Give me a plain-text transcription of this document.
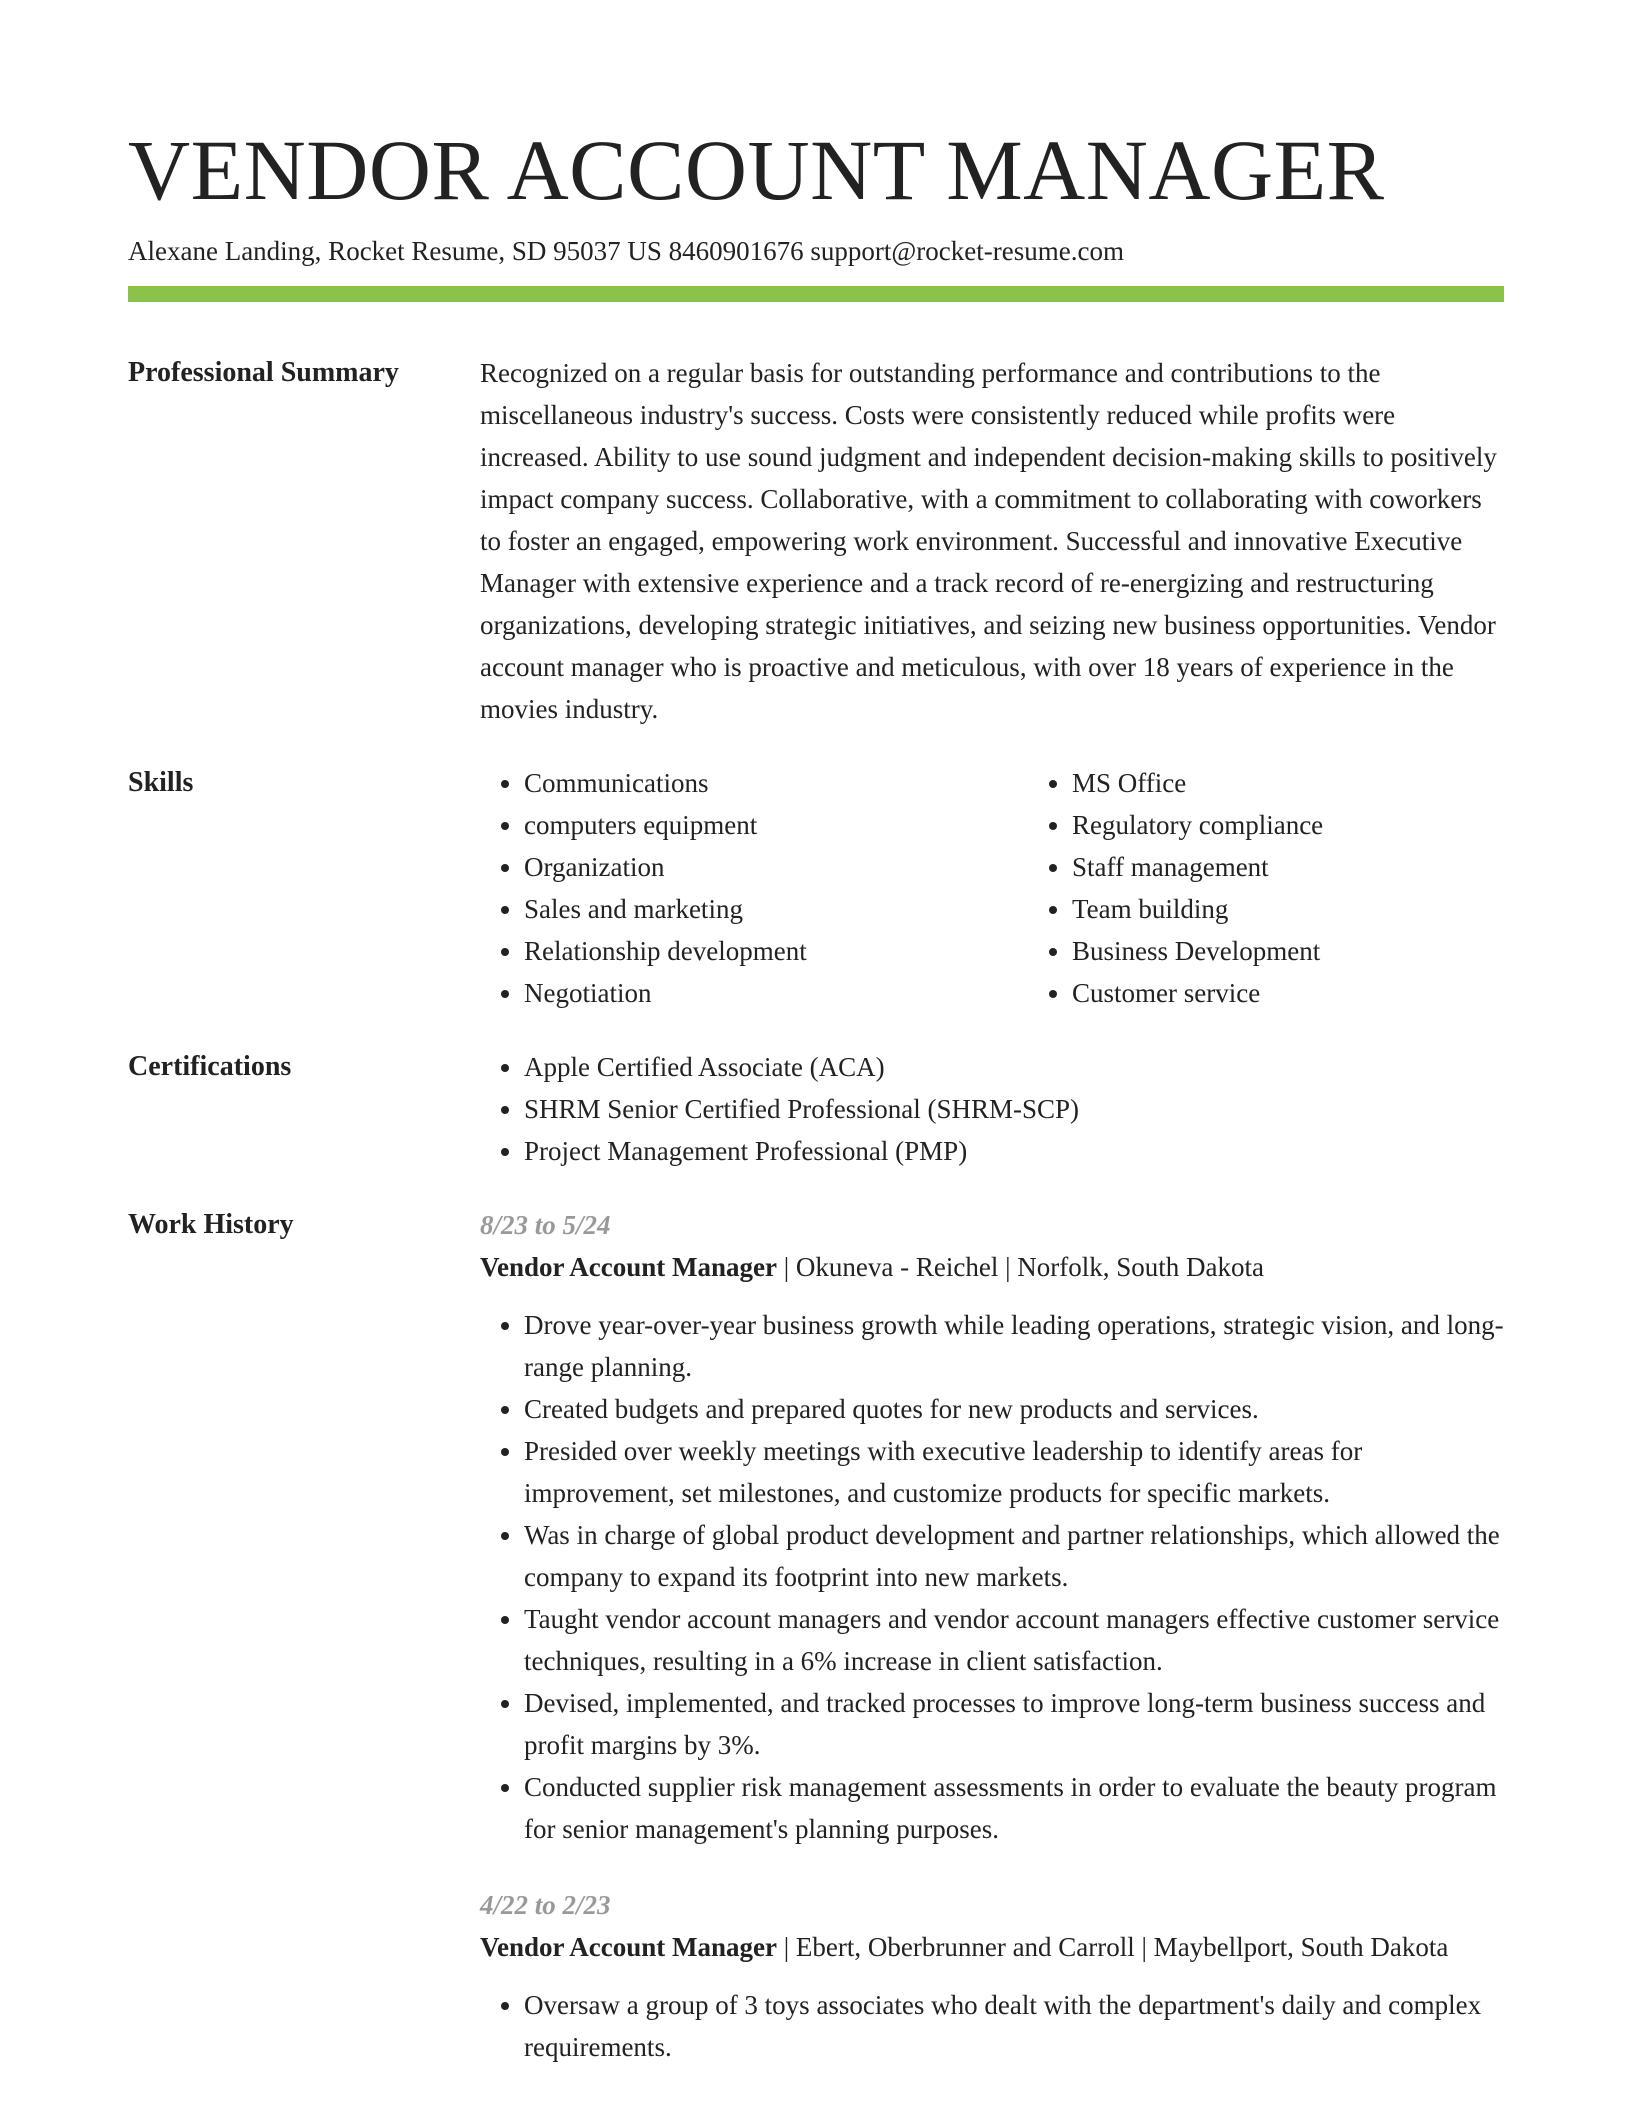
VENDOR ACCOUNT MANAGER
Alexane Landing, Rocket Resume, SD 95037 US 8460901676 support@rocket-resume.com
Professional Summary	Recognized on a regular basis for outstanding performance and contributions to the miscellaneous industry's success. Costs were consistently reduced while profits were increased. Ability to use sound judgment and independent decision-making skills to positively impact company success. Collaborative, with a commitment to collaborating with coworkers to foster an engaged, empowering work environment. Successful and innovative Executive Manager with extensive experience and a track record of re-energizing and restructuring organizations, developing strategic initiatives, and seizing new business opportunities. Vendor account manager who is proactive and meticulous, with over 18 years of experience in the movies industry.

Skills	• Communications
• computers equipment
• Organization
• Sales and marketing
• Relationship development
• Negotiation
• MS Office
• Regulatory compliance
• Staff management
• Team building
• Business Development
• Customer service
Certifications	• Apple Certified Associate (ACA)
• SHRM Senior Certified Professional (SHRM-SCP)
• Project Management Professional (PMP)
Work History	8/23 to 5/24
Vendor Account Manager | Okuneva - Reichel | Norfolk, South Dakota
• Drove year-over-year business growth while leading operations, strategic vision, and long-range planning.
• Created budgets and prepared quotes for new products and services.
• Presided over weekly meetings with executive leadership to identify areas for improvement, set milestones, and customize products for specific markets.
• Was in charge of global product development and partner relationships, which allowed the company to expand its footprint into new markets.
• Taught vendor account managers and vendor account managers effective customer service techniques, resulting in a 6% increase in client satisfaction.
• Devised, implemented, and tracked processes to improve long-term business success and profit margins by 3%.
• Conducted supplier risk management assessments in order to evaluate the beauty program for senior management's planning purposes.
4/22 to 2/23
Vendor Account Manager | Ebert, Oberbrunner and Carroll | Maybellport, South Dakota
• Oversaw a group of 3 toys associates who dealt with the department's daily and complex requirements.
